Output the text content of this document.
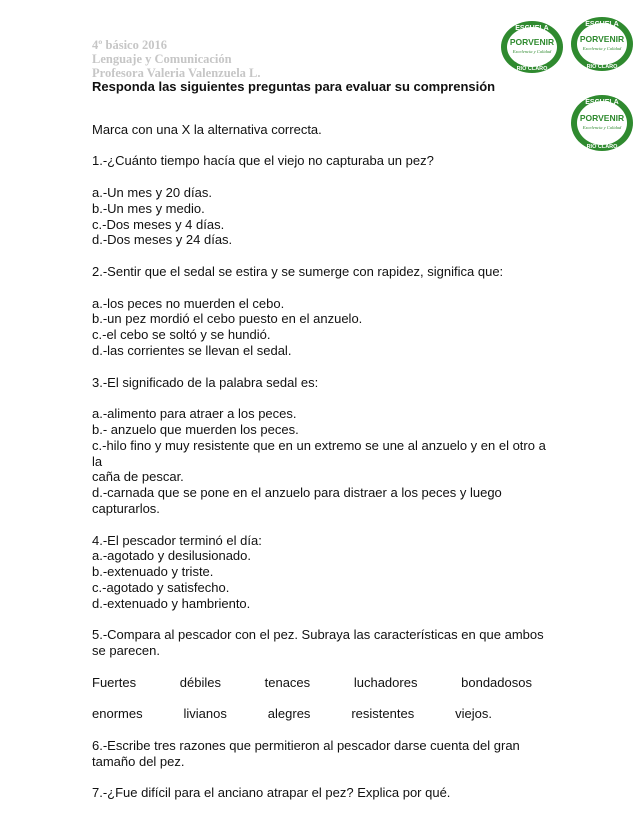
4º básico 2016
Lenguaje y Comunicación
Profesora Valeria Valenzuela L.
Responda las siguientes preguntas para evaluar su comprensión
ESCUELA
PORVENIR
Excelencia y Calidad
RIO CLARO
ESCUELA
PORVENIR
Excelencia y Calidad
RIO CLARO
ESCUELA
PORVENIR
Excelencia y Calidad
RIO CLARO

Marca con una X la alternativa correcta.

1.-¿Cuánto tiempo hacía que el viejo no capturaba un pez?

a.-Un mes y 20 días.

b.-Un mes y medio.

c.-Dos meses y 4 días.

d.-Dos meses y 24 días.

2.-Sentir que el sedal se estira y se sumerge con rapidez, significa que:

a.-los peces no muerden el cebo.

b.-un pez mordió el cebo puesto en el anzuelo.

c.-el cebo se soltó y se hundió.

d.-las corrientes se llevan el sedal.

3.-El significado de la palabra sedal es:

a.-alimento para atraer a los peces.

b.- anzuelo que muerden los peces.

c.-hilo fino y muy resistente que en un extremo se une al anzuelo y en el otro a la

caña de pescar.

d.-carnada que se pone en el anzuelo para distraer a los peces y luego

capturarlos.

4.-El pescador terminó el día:

a.-agotado y desilusionado.

b.-extenuado y triste.

c.-agotado y satisfecho.

d.-extenuado y hambriento.

5.-Compara al pescador con el pez. Subraya las características en que ambos

se parecen.

Fuertes	débiles	tenaces	luchadores	bondadosos
enormes	livianos	alegres	resistentes	viejos.

6.-Escribe tres razones que permitieron al pescador darse cuenta del gran

tamaño del pez.

7.-¿Fue difícil para el anciano atrapar el pez? Explica por qué.
